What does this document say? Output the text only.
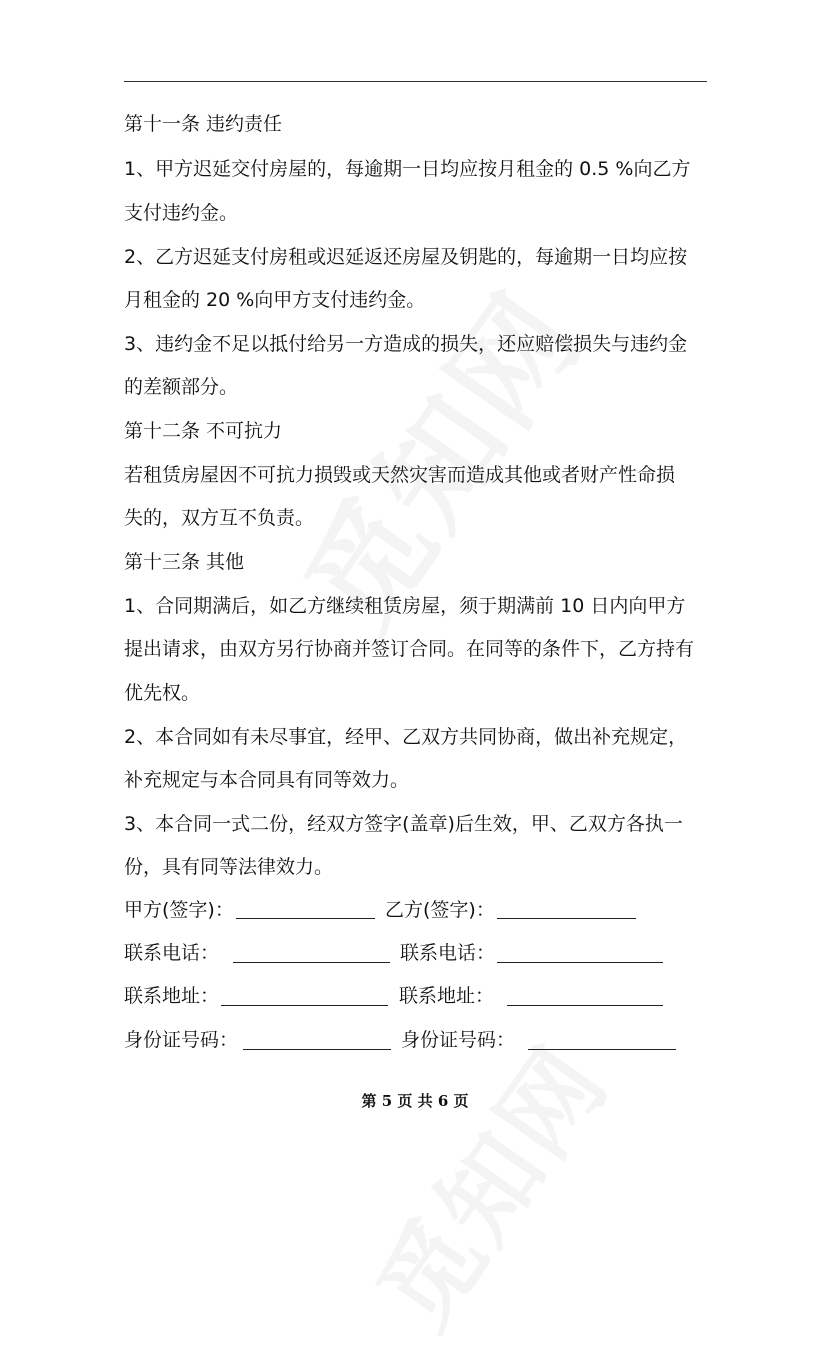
第十一条 违约责任
1、甲方迟延交付房屋的，每逾期一日均应按月租金的 0.5 %向乙方
支付违约金。
2、乙方迟延支付房租或迟延返还房屋及钥匙的，每逾期一日均应按
月租金的 20 %向甲方支付违约金。
3、违约金不足以抵付给另一方造成的损失，还应赔偿损失与违约金
的差额部分。
第十二条 不可抗力
若租赁房屋因不可抗力损毁或天然灾害而造成其他或者财产性命损
失的，双方互不负责。
第十三条 其他
1、合同期满后，如乙方继续租赁房屋，须于期满前 10 日内向甲方
提出请求，由双方另行协商并签订合同。在同等的条件下，乙方持有
优先权。
2、本合同如有未尽事宜，经甲、乙双方共同协商，做出补充规定，
补充规定与本合同具有同等效力。
3、本合同一式二份，经双方签字(盖章)后生效，甲、乙双方各执一
份，具有同等法律效力。
甲方(签字)：	乙方(签字)：
联系电话：	联系电话：
联系地址：	联系地址：
身份证号码：	身份证号码：
第 5 页 共 6 页
